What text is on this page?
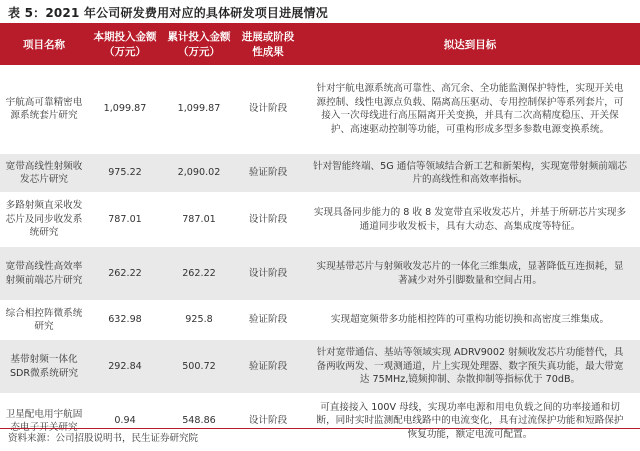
表 5：2021 年公司研发费用对应的具体研发项目进展情况
项目名称	本期投入金额（万元）	累计投入金额（万元）	进展或阶段性成果	拟达到目标
宇航高可靠精密电源系统套片研究	1,099.87	1,099.87	设计阶段	针对宇航电源系统高可靠性、高冗余、全功能监测保护特性，实现开关电源控制、线性电源点负载、隔离高压驱动、专用控制保护等系列套片，可接入一次母线进行高压隔离开关变换，并具有二次高精度稳压、开关保护、高速驱动控制等功能，可重构形成多型多参数电源变换系统。
宽带高线性射频收发芯片研究	975.22	2,090.02	验证阶段	针对智能终端、5G 通信等领域结合新工艺和新架构，实现宽带射频前端芯片的高线性和高效率指标。
多路射频直采收发芯片及同步收发系统研究	787.01	787.01	设计阶段	实现具备同步能力的 8 收 8 发宽带直采收发芯片，并基于所研芯片实现多通道同步收发板卡，具有大动态、高集成度等特征。
宽带高线性高效率射频前端芯片研究	262.22	262.22	设计阶段	实现基带芯片与射频收发芯片的一体化三维集成，显著降低互连损耗，显著减少对外引脚数量和空间占用。
综合相控阵微系统研究	632.98	925.8	验证阶段	实现超宽频带多功能相控阵的可重构功能切换和高密度三维集成。
基带射频一体化SDR微系统研究	292.84	500.72	验证阶段	针对宽带通信、基站等领域实现 ADRV9002 射频收发芯片功能替代，具备两收两发、一观测通道，片上实现处理器、数字预失真功能，最大带宽达 75MHz,镜频抑制、杂散抑制等指标优于 70dB。
卫星配电用宇航固	0.94	548.86	设计阶段	可直接接入 100V 母线，实现功率电源和用电负载之间的功率接通和切断，同时实时监测配电线路中的电流变化，具有过流保护功能和短路保护恢复功能，额定电流可配置。
资料来源：公司招股说明书，民生证券研究院
